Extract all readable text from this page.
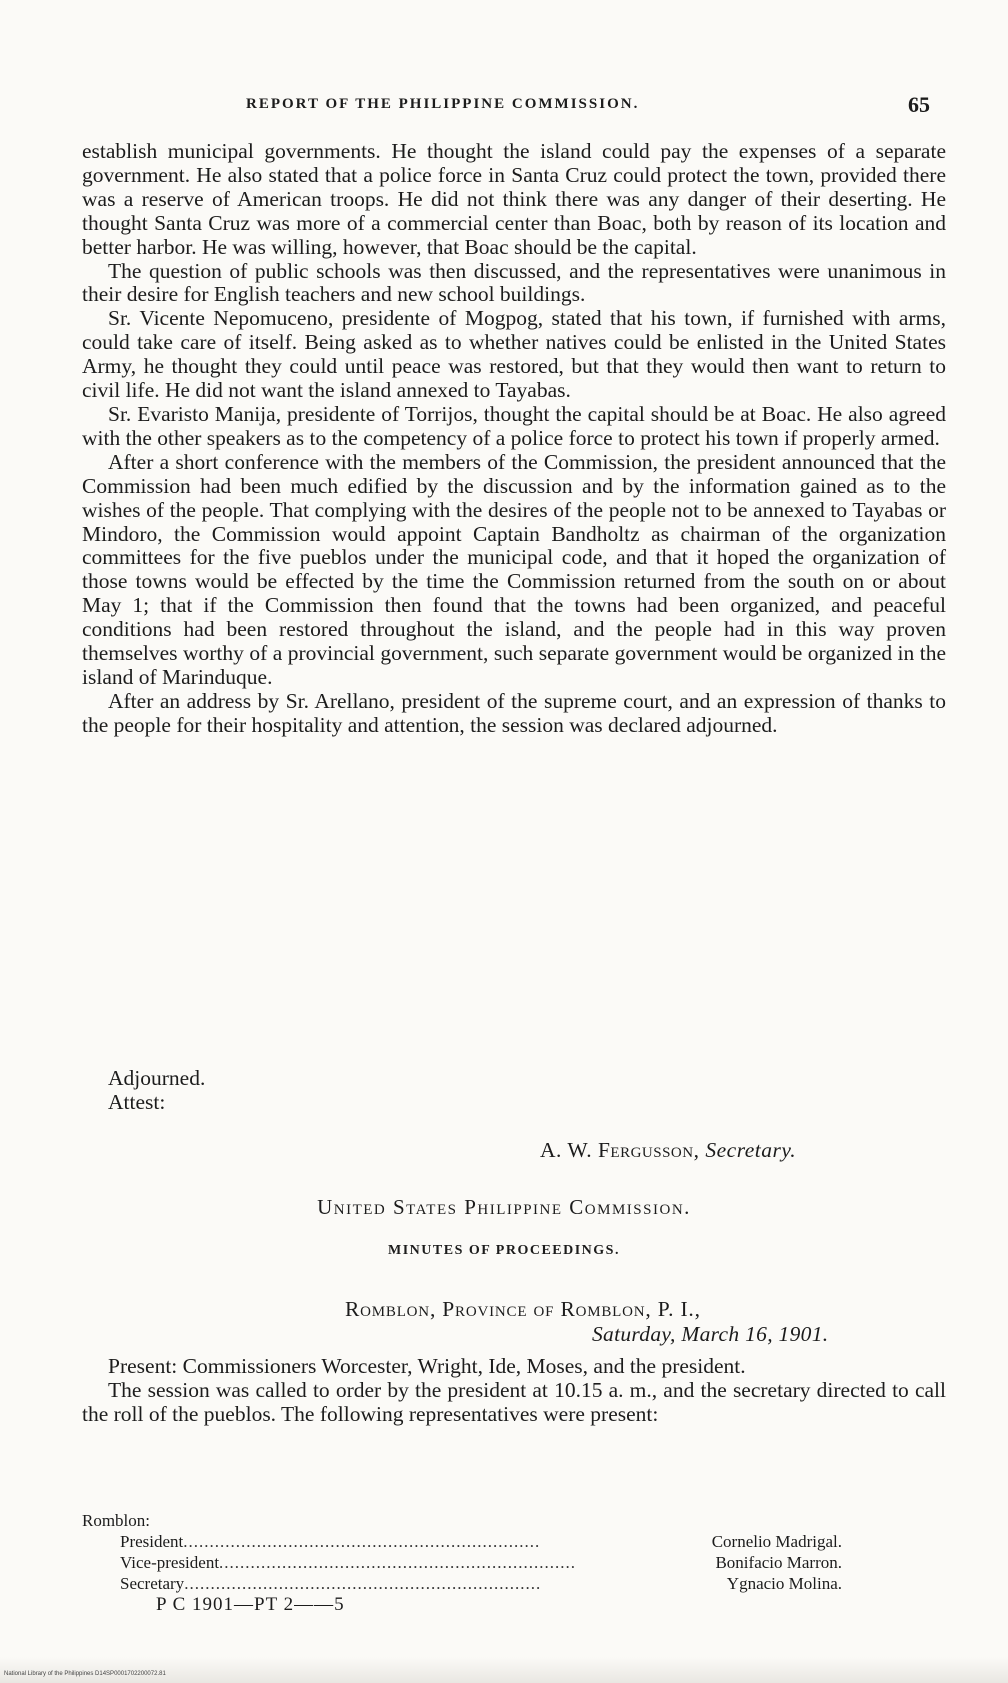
REPORT OF THE PHILIPPINE COMMISSION.	65

establish municipal governments. He thought the island could pay the expenses of a separate government. He also stated that a police force in Santa Cruz could protect the town, provided there was a reserve of American troops. He did not think there was any danger of their deserting. He thought Santa Cruz was more of a commercial center than Boac, both by reason of its location and better harbor. He was willing, however, that Boac should be the capital.

The question of public schools was then discussed, and the representatives were unanimous in their desire for English teachers and new school buildings.

Sr. Vicente Nepomuceno, presidente of Mogpog, stated that his town, if furnished with arms, could take care of itself. Being asked as to whether natives could be enlisted in the United States Army, he thought they could until peace was restored, but that they would then want to return to civil life. He did not want the island annexed to Tayabas.

Sr. Evaristo Manija, presidente of Torrijos, thought the capital should be at Boac. He also agreed with the other speakers as to the competency of a police force to protect his town if properly armed.

After a short conference with the members of the Commission, the president announced that the Commission had been much edified by the discussion and by the information gained as to the wishes of the people. That complying with the desires of the people not to be annexed to Tayabas or Mindoro, the Commission would appoint Captain Bandholtz as chairman of the organization committees for the five pueblos under the municipal code, and that it hoped the organization of those towns would be effected by the time the Commission returned from the south on or about May 1; that if the Commission then found that the towns had been organized, and peaceful conditions had been restored throughout the island, and the people had in this way proven themselves worthy of a provincial government, such separate government would be organized in the island of Marinduque.

After an address by Sr. Arellano, president of the supreme court, and an expression of thanks to the people for their hospitality and attention, the session was declared adjourned.

Adjourned.
Attest:
A. W. Fergusson, Secretary.
United States Philippine Commission.
MINUTES OF PROCEEDINGS.
Romblon, Province of Romblon, P. I.,
Saturday, March 16, 1901.

Present: Commissioners Worcester, Wright, Ide, Moses, and the president.

The session was called to order by the president at 10.15 a. m., and the secretary directed to call the roll of the pueblos. The following representatives were present:

Romblon:

President ....................................................................	Cornelio Madrigal.
Vice-president ....................................................................	Bonifacio Marron.
Secretary ....................................................................	Ygnacio Molina.
P C 1901—PT 2——5
National Library of the Philippines D14SP0001702200072.81
